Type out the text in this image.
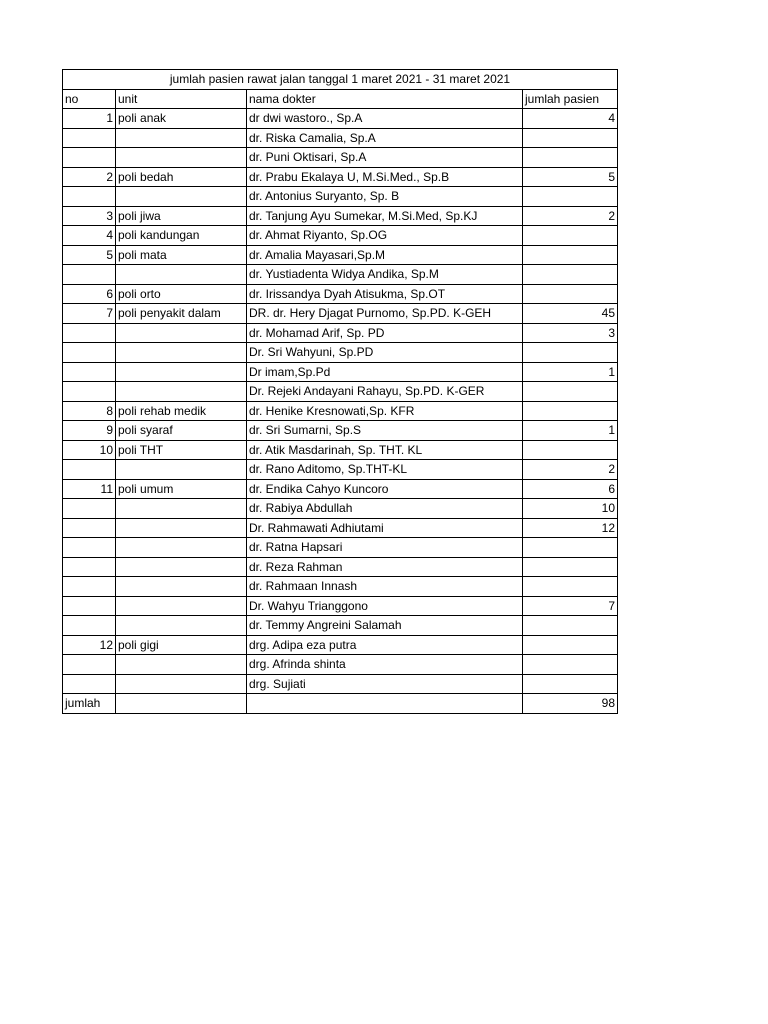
jumlah pasien rawat jalan tanggal 1 maret 2021 - 31 maret 2021			
no	unit	nama dokter	jumlah pasien
1	poli anak	dr dwi wastoro., Sp.A	4
		dr. Riska Camalia, Sp.A	
		dr. Puni Oktisari, Sp.A	
2	poli bedah	dr. Prabu Ekalaya U, M.Si.Med., Sp.B	5
		dr. Antonius Suryanto, Sp. B	
3	poli jiwa	dr. Tanjung Ayu Sumekar, M.Si.Med, Sp.KJ	2
4	poli kandungan	dr. Ahmat Riyanto, Sp.OG	
5	poli mata	dr. Amalia Mayasari,Sp.M	
		dr. Yustiadenta Widya Andika, Sp.M	
6	poli orto	dr. Irissandya Dyah Atisukma, Sp.OT	
7	poli penyakit dalam	DR. dr. Hery Djagat Purnomo, Sp.PD. K-GEH	45
		dr. Mohamad Arif, Sp. PD	3
		Dr. Sri Wahyuni, Sp.PD	
		Dr imam,Sp.Pd	1
		Dr. Rejeki Andayani Rahayu, Sp.PD. K-GER	
8	poli rehab medik	dr. Henike Kresnowati,Sp. KFR	
9	poli syaraf	dr. Sri Sumarni, Sp.S	1
10	poli THT	dr. Atik Masdarinah, Sp. THT. KL	
		dr. Rano Aditomo, Sp.THT-KL	2
11	poli umum	dr. Endika Cahyo Kuncoro	6
		dr. Rabiya Abdullah	10
		Dr. Rahmawati Adhiutami	12
		dr. Ratna Hapsari	
		dr. Reza Rahman	
		dr. Rahmaan Innash	
		Dr. Wahyu Trianggono	7
		dr. Temmy Angreini Salamah	
12	poli gigi	drg. Adipa eza putra	
		drg. Afrinda shinta	
		drg. Sujiati	
jumlah			98
